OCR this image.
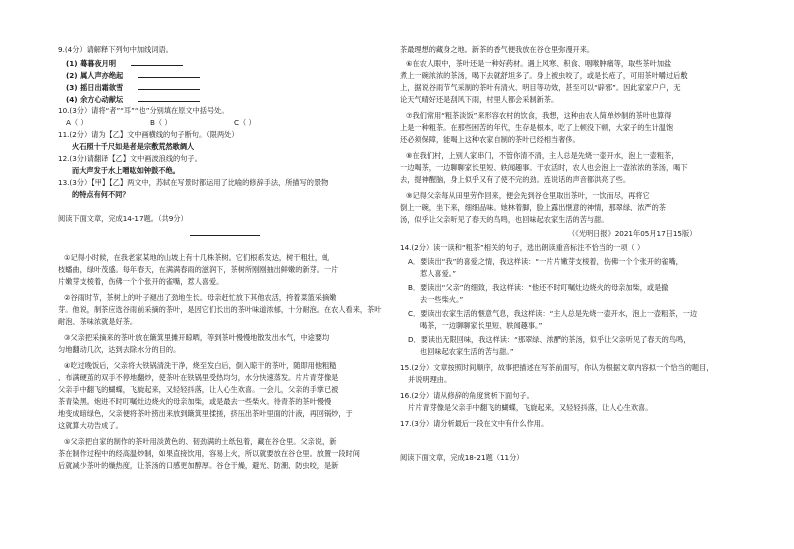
9.(4分）请解释下列句中加线词语。
(1) 蓦暮夜月明
(2) 属人声亦绝起
(3) 摇日出霜欲雪
(4) 余方心动献坛
10.(3分）请将“者”“耳”“也”分别填在原文中括号处。
A（ ）	B（ ）	C（ ）
11.(2分）请为【乙】文中画横线的句子断句。（限两处）
火石照十千尺如是者是宗敷荒然歌绸人
12.(3分)请翻译【乙】文中画波浪线的句子。
而大声发于水上噌吰如钟鼓不绝。
13.(3分）【甲】【乙】两文中，苏轼在写景时都运用了比喻的修辞手法，所描写的景物
的特点有何不同？
阅读下面文章，完成14-17题。（共9分）
①记得小时候，在我老家某地的山坡上有十几株茶树。它们根系发达，树干粗壮，虬
枝蟠曲，绿叶茂盛。每年春天，在满满春雨的滋润下，茶树所刚刚抽出鲜嫩的新芽。一片
片嫩芽支棱着，伤佛一个个张开的雀嘴，惹人喜爱。
②谷雨时节，茶树上的叶子褪出了劲地生长。母亲赶忙放下其他农活，挎着菜篮采摘嫩
芽。他说，制茶应选谷雨前采摘的茶叶，是因它们长出的茶叶味道浓郁，十分耐泡。在农人看来，茶叶
耐泡、茶味浓就是好茶。
③父亲把采摘来的茶叶放在簸箕里摊开晾晒，等到茶叶慢慢地散发出水气，中途要均
匀地翻动几次，达到去除水分的目的。
④吃过晚饭后，父亲将大铁锅清洗干净，烧至发白后，倒入晾干的茶叶，随即用他粗糙
、布满硬茧的双手不停地翻炒，使茶叶在铁锅里受热均匀，水分快速蒸发。片片青芽像是
父亲手中翻飞的蝴蝶，飞旋起来，又轻轻抖落，让人心生欢喜。一会儿，父亲的手掌已被
茶青染黑。炮进不时叮嘱灶边烧火的母亲加柴，或是最去一些柴火。待青茶的茶叶慢慢
地变成暗绿色，父亲便将茶叶捞出来放到簸箕里揉搓，挤压出茶叶里面的汁液，再回锅炒，于
这就算大功告成了。
⑤父亲把自家的制作的茶叶用淡黄色的、韧劲满的土纸包着，藏在谷仓里。父亲说，新
茶在制作过程中的经高温炒制，如果直接饮用，容易上火，所以就要放在谷仓里。放置一段时间
后就减少茶叶的燥热度，让茶汤的口感更加醇厚。谷仓干燥，避光、防潮、防虫咬，是新
茶最理想的藏身之地。新茶的香气便我放在谷仓里弥漫开来。
⑥在农人眼中，茶叶还是一种好药材。遇上风寒、积食、咽喉肿痛等，取些茶叶加盐
煮上一碗浓浓的茶汤，喝下去就舒坦多了。身上被虫咬了，或是长疮了，可用茶叶嚼过后敷
上，据说谷雨节气采制的茶叶有清火、明目等功效，甚至可以“辟邪”。因此家家户户，无
论天气晴好还是刮风下雨，村里人都会采制新茶。
⑦我们常用“粗茶淡饭”来形容农村的饮食，我想，这种由农人简单炒制的茶叶也算得
上是一种粗茶。在那些困苦的年代，生存是根本，吃了上顿没下顿，大家子的生计温饱
还必须保障，能喝上这种农家自制的茶叶已经相当奢侈。
⑧在我们村，上别人家串门，不管你清不清，主人总是先烧一壶开水，泡上一壶粗茶，
一边喝茶，一边聊聊家长里短、轶闻趣事。干农活时，农人也会泡上一壶浓浓的茶汤，喝下
去，提神醒脑，身上似乎又有了使不完的劲。连说话的声音都洪亮了些。
⑨记得父亲每从田里劳作回来，便会先到谷仓里取出茶叶，一饮而尽，再将它
倒上一碗，坐下来，细细品味。她林着脚，脸上露出惬意的神情，那翠绿、浓严的茶
汤，似乎让父亲听见了春天的鸟鸣，也回味起农家生活的苦与甜。
（《光明日报》2021年05月17日15版）
14.(2分）读一读和“粗茶”相关的句子，选出朗读重音标注不恰当的一项（ ）
A．要读出“我”的喜爱之情，我这样读：“一片片嫩芽支棱着，伤佛一个个张开的雀嘴，
惹人喜爱。”
B．要读出“父亲”的细致，我这样读：“他还不时叮嘱灶边烧火的母亲加柴，或是撤
去一些柴火。”
C．要读出农家生活的惬意气息，我这样读：“主人总是先烧一壶开水，泡上一壶粗茶，一边
喝茶，一边聊聊家长里短、轶闻趣事。”
D．要读出无限回味，我这样读：“那翠绿、浓酽的茶汤，似乎让父亲听见了春天的鸟鸣，
也回味起农家生活的苦与甜。”
15.(2分）文章按照时间顺序，故事把描述在写茶前面写，你认为根据文章内容拟一个恰当的题目，
并说明理由。
16.(2分）请从修辞的角度赏析下面句子。
片片青芽像是父亲手中翻飞的蝴蝶，飞旋起来，又轻轻抖落，让人心生欢喜。
17.(3分）请分析最后一段在文中有什么作用。
阅读下面文章，完成18-21题（11分）
